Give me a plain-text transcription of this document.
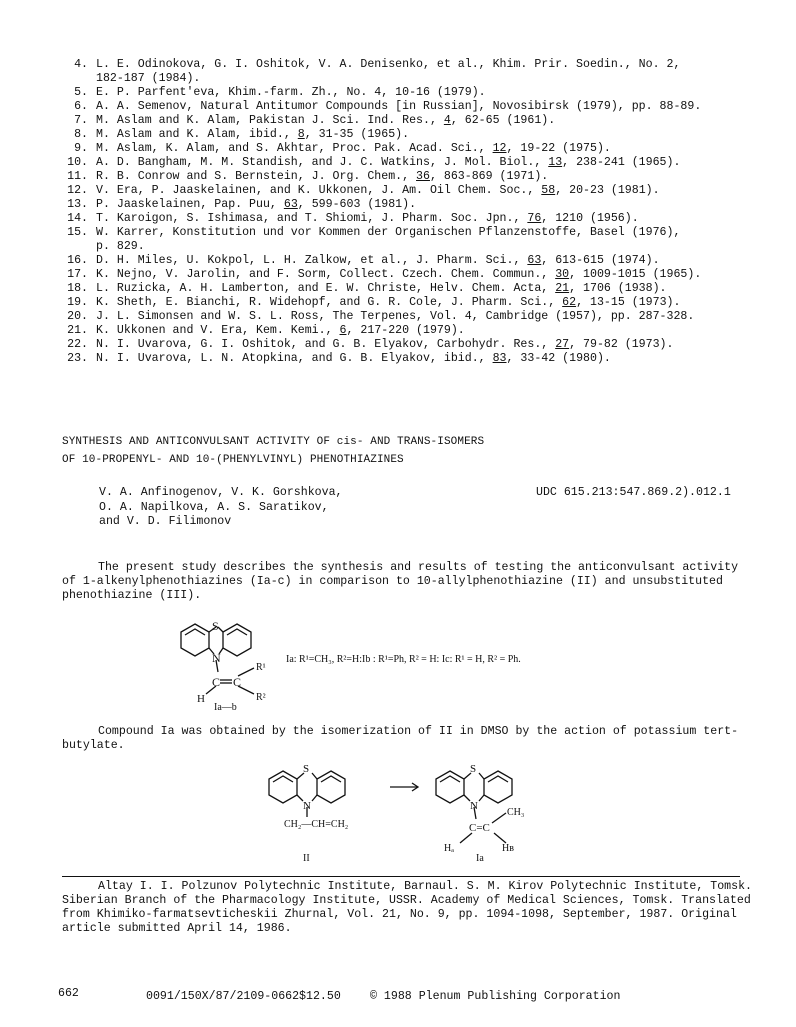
4. L. E. Odinokova, G. I. Oshitok, V. A. Denisenko, et al., Khim. Prir. Soedin., No. 2,
182-187 (1984).
5. E. P. Parfent'eva, Khim.-farm. Zh., No. 4, 10-16 (1979).
6. A. A. Semenov, Natural Antitumor Compounds [in Russian], Novosibirsk (1979), pp. 88-89.
7. M. Aslam and K. Alam, Pakistan J. Sci. Ind. Res., 4, 62-65 (1961).
8. M. Aslam and K. Alam, ibid., 8, 31-35 (1965).
9. M. Aslam, K. Alam, and S. Akhtar, Proc. Pak. Acad. Sci., 12, 19-22 (1975).
10. A. D. Bangham, M. M. Standish, and J. C. Watkins, J. Mol. Biol., 13, 238-241 (1965).
11. R. B. Conrow and S. Bernstein, J. Org. Chem., 36, 863-869 (1971).
12. V. Era, P. Jaaskelainen, and K. Ukkonen, J. Am. Oil Chem. Soc., 58, 20-23 (1981).
13. P. Jaaskelainen, Pap. Puu, 63, 599-603 (1981).
14. T. Karoigon, S. Ishimasa, and T. Shiomi, J. Pharm. Soc. Jpn., 76, 1210 (1956).
15. W. Karrer, Konstitution und vor Kommen der Organischen Pflanzenstoffe, Basel (1976),
p. 829.
16. D. H. Miles, U. Kokpol, L. H. Zalkow, et al., J. Pharm. Sci., 63, 613-615 (1974).
17. K. Nejno, V. Jarolin, and F. Sorm, Collect. Czech. Chem. Commun., 30, 1009-1015 (1965).
18. L. Ruzicka, A. H. Lamberton, and E. W. Christe, Helv. Chem. Acta, 21, 1706 (1938).
19. K. Sheth, E. Bianchi, R. Widehopf, and G. R. Cole, J. Pharm. Sci., 62, 13-15 (1973).
20. J. L. Simonsen and W. S. L. Ross, The Terpenes, Vol. 4, Cambridge (1957), pp. 287-328.
21. K. Ukkonen and V. Era, Kem. Kemi., 6, 217-220 (1979).
22. N. I. Uvarova, G. I. Oshitok, and G. B. Elyakov, Carbohydr. Res., 27, 79-82 (1973).
23. N. I. Uvarova, L. N. Atopkina, and G. B. Elyakov, ibid., 83, 33-42 (1980).
SYNTHESIS AND ANTICONVULSANT ACTIVITY OF cis- AND TRANS-ISOMERS
OF 10-PROPENYL- AND 10-(PHENYLVINYL) PHENOTHIAZINES
V. A. Anfinogenov, V. K. Gorshkova,
O. A. Napilkova, A. S. Saratikov,
and V. D. Filimonov
UDC 615.213:547.869.2).012.1
The present study describes the synthesis and results of testing the anticonvulsant activity of 1-alkenylphenothiazines (Ia-c) in comparison to 10-allylphenothiazine (II) and unsubstituted phenothiazine (III).
S
N
C C
R¹
R²
H
Ia—b
Ia: R¹=CH₃, R²=H:Ib : R¹=Ph, R² = H: Ic: R¹ = H, R² = Ph.
Compound Ia was obtained by the isomerization of II in DMSO by the action of potassium tert-butylate.
S
N
CH₂—CH=CH₂
II
S
N
C=C
CH₃
Hₐ	Hʙ
Ia
Altay I. I. Polzunov Polytechnic Institute, Barnaul. S. M. Kirov Polytechnic Institute, Tomsk. Siberian Branch of the Pharmacology Institute, USSR. Academy of Medical Sciences, Tomsk. Translated from Khimiko-farmatsevticheskii Zhurnal, Vol. 21, No. 9, pp. 1094-1098, September, 1987. Original article submitted April 14, 1986.
662	0091/150X/87/2109-0662$12.50	© 1988 Plenum Publishing Corporation
